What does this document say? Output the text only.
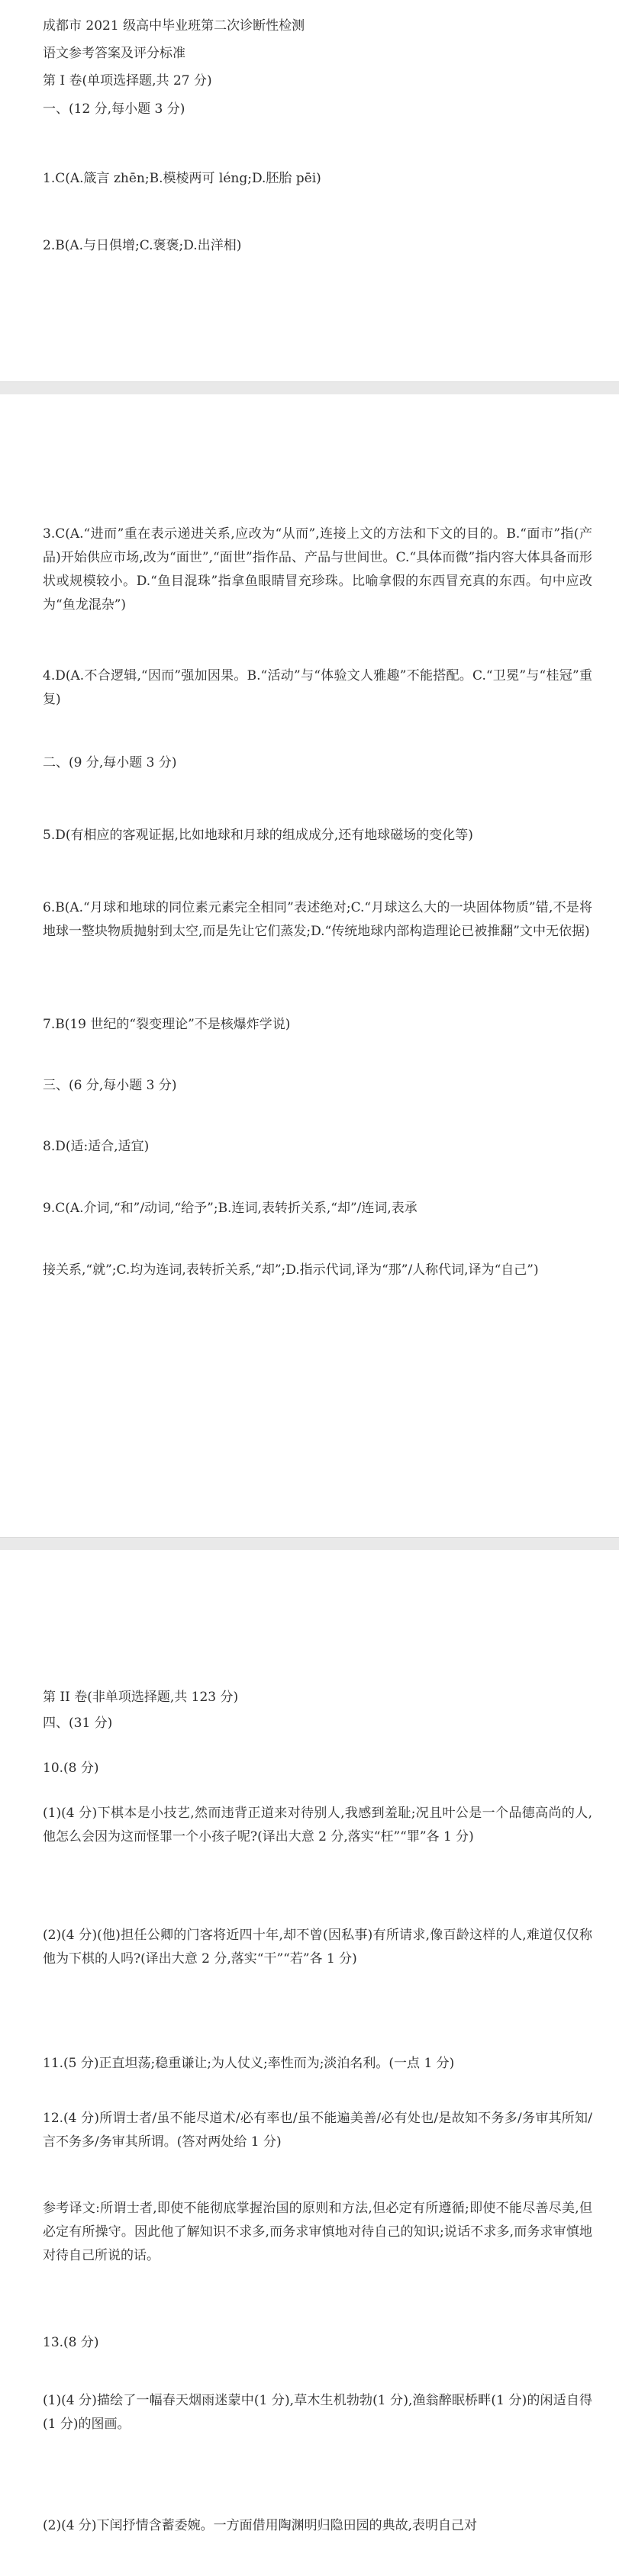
成都市 2021 级高中毕业班第二次诊断性检测
语文参考答案及评分标准
第 I 卷(单项选择题,共 27 分)
一、(12 分,每小题 3 分)
1.C(A.箴言 zhēn;B.模棱两可 léng;D.胚胎 pēi)
2.B(A.与日俱增;C.褒褒;D.出洋相)
3.C(A.“进而”重在表示递进关系,应改为“从而”,连接上文的方法和下文的目的。B.“面市”指(产品)开始供应市场,改为“面世”,“面世”指作品、产品与世间世。C.“具体而微”指内容大体具备而形状或规模较小。D.“鱼目混珠”指拿鱼眼睛冒充珍珠。比喻拿假的东西冒充真的东西。句中应改为“鱼龙混杂”)
4.D(A.不合逻辑,“因而”强加因果。B.“活动”与“体验文人雅趣”不能搭配。C.“卫冕”与“桂冠”重复)
二、(9 分,每小题 3 分)
5.D(有相应的客观证据,比如地球和月球的组成成分,还有地球磁场的变化等)
6.B(A.“月球和地球的同位素元素完全相同”表述绝对;C.“月球这么大的一块固体物质”错,不是将地球一整块物质抛射到太空,而是先让它们蒸发;D.“传统地球内部构造理论已被推翻”文中无依据)
7.B(19 世纪的“裂变理论”不是核爆炸学说)
三、(6 分,每小题 3 分)
8.D(适:适合,适宜)
9.C(A.介词,“和”/动词,“给予”;B.连词,表转折关系,“却”/连词,表承
接关系,“就”;C.均为连词,表转折关系,“却”;D.指示代词,译为“那”/人称代词,译为“自己”)
第 II 卷(非单项选择题,共 123 分)
四、(31 分)
10.(8 分)
(1)(4 分)下棋本是小技艺,然而违背正道来对待别人,我感到羞耻;况且叶公是一个品德高尚的人,他怎么会因为这而怪罪一个小孩子呢?(译出大意 2 分,落实“枉”“罪”各 1 分)
(2)(4 分)(他)担任公卿的门客将近四十年,却不曾(因私事)有所请求,像百龄这样的人,难道仅仅称他为下棋的人吗?(译出大意 2 分,落实“干”“若”各 1 分)
11.(5 分)正直坦荡;稳重谦让;为人仗义;率性而为;淡泊名利。(一点 1 分)
12.(4 分)所谓士者/虽不能尽道术/必有率也/虽不能遍美善/必有处也/是故知不务多/务审其所知/言不务多/务审其所谓。(答对两处给 1 分)
参考译文:所谓士者,即使不能彻底掌握治国的原则和方法,但必定有所遵循;即使不能尽善尽美,但必定有所操守。因此他了解知识不求多,而务求审慎地对待自己的知识;说话不求多,而务求审慎地对待自己所说的话。
13.(8 分)
(1)(4 分)描绘了一幅春天烟雨迷蒙中(1 分),草木生机勃勃(1 分),渔翁醉眠桥畔(1 分)的闲适自得(1 分)的图画。
(2)(4 分)下闰抒情含蓄委婉。一方面借用陶渊明归隐田园的典故,表明自己对
